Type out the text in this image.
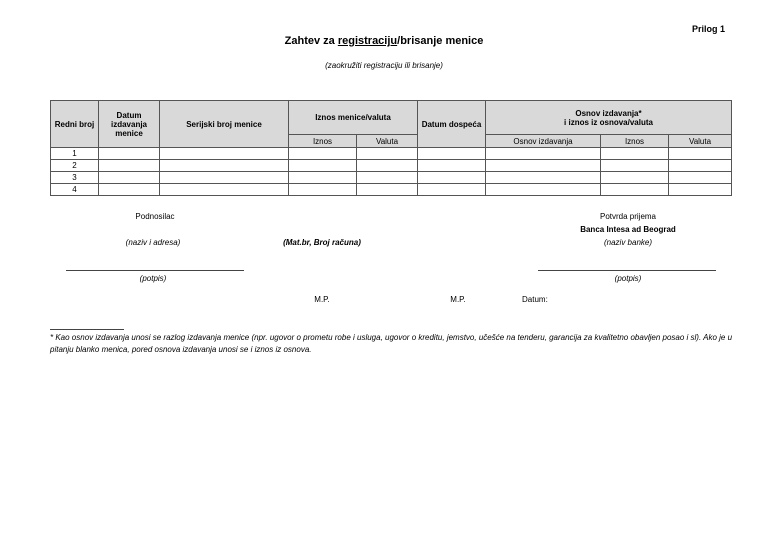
Prilog 1
Zahtev za registraciju/brisanje menice
(zaokružiti registraciju ili brisanje)
Redni broj	Datum izdavanja menice	Serijski broj menice	Iznos menice/valuta		Datum dospeća	Osnov izdavanja*
i iznos iz osnova/valuta		
			Iznos	Valuta		Osnov izdavanja	Iznos	Valuta
1								
2								
3								
4								
Podnosilac
(naziv i adresa)	(Mat.br, Broj računa)
(potpis)
Potvrda prijema
Banca Intesa ad Beograd
(naziv banke)
(potpis)
M.P.	M.P.	Datum:
* Kao osnov izdavanja unosi se razlog izdavanja menice (npr. ugovor o prometu robe i usluga, ugovor o kreditu, jemstvo, učešće na tenderu, garancija za kvalitetno obavljen posao i sl). Ako je u pitanju blanko menica, pored osnova izdavanja unosi se i iznos iz osnova.
